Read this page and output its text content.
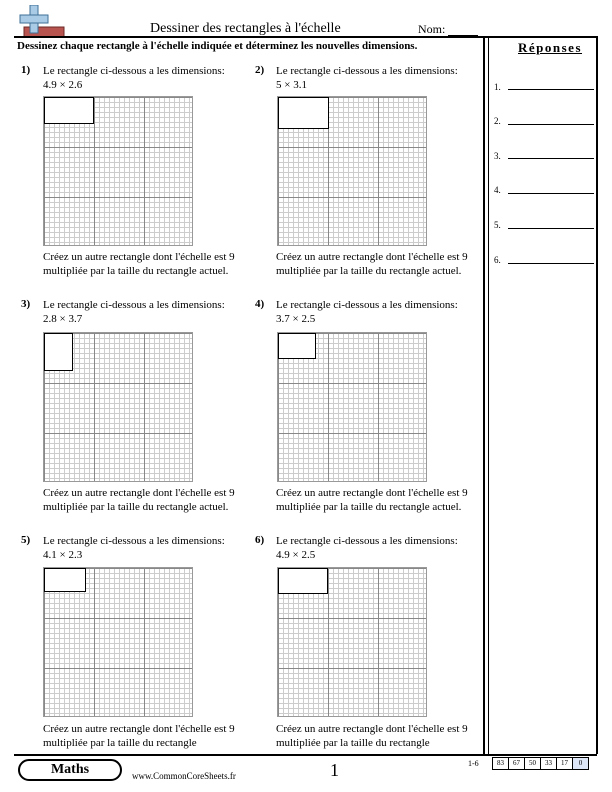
Dessiner des rectangles à l'échelle	Nom:
Dessinez chaque rectangle à l'échelle indiquée et déterminez les nouvelles dimensions.	Réponses
1.
2.
3.
4.
5.
6.
1) Le rectangle ci-dessous a les dimensions:
4.9 × 2.6
Créez un autre rectangle dont l'échelle est 9 multipliée par la taille du rectangle actuel.
2) Le rectangle ci-dessous a les dimensions:
5 × 3.1
Créez un autre rectangle dont l'échelle est 9 multipliée par la taille du rectangle actuel.
3) Le rectangle ci-dessous a les dimensions:
2.8 × 3.7
Créez un autre rectangle dont l'échelle est 9 multipliée par la taille du rectangle actuel.
4) Le rectangle ci-dessous a les dimensions:
3.7 × 2.5
Créez un autre rectangle dont l'échelle est 9 multipliée par la taille du rectangle actuel.
5) Le rectangle ci-dessous a les dimensions:
4.1 × 2.3
Créez un autre rectangle dont l'échelle est 9 multipliée par la taille du rectangle
6) Le rectangle ci-dessous a les dimensions:
4.9 × 2.5
Créez un autre rectangle dont l'échelle est 9 multipliée par la taille du rectangle
Maths	www.CommonCoreSheets.fr	1	1-6	83	67	50	33	17	0
